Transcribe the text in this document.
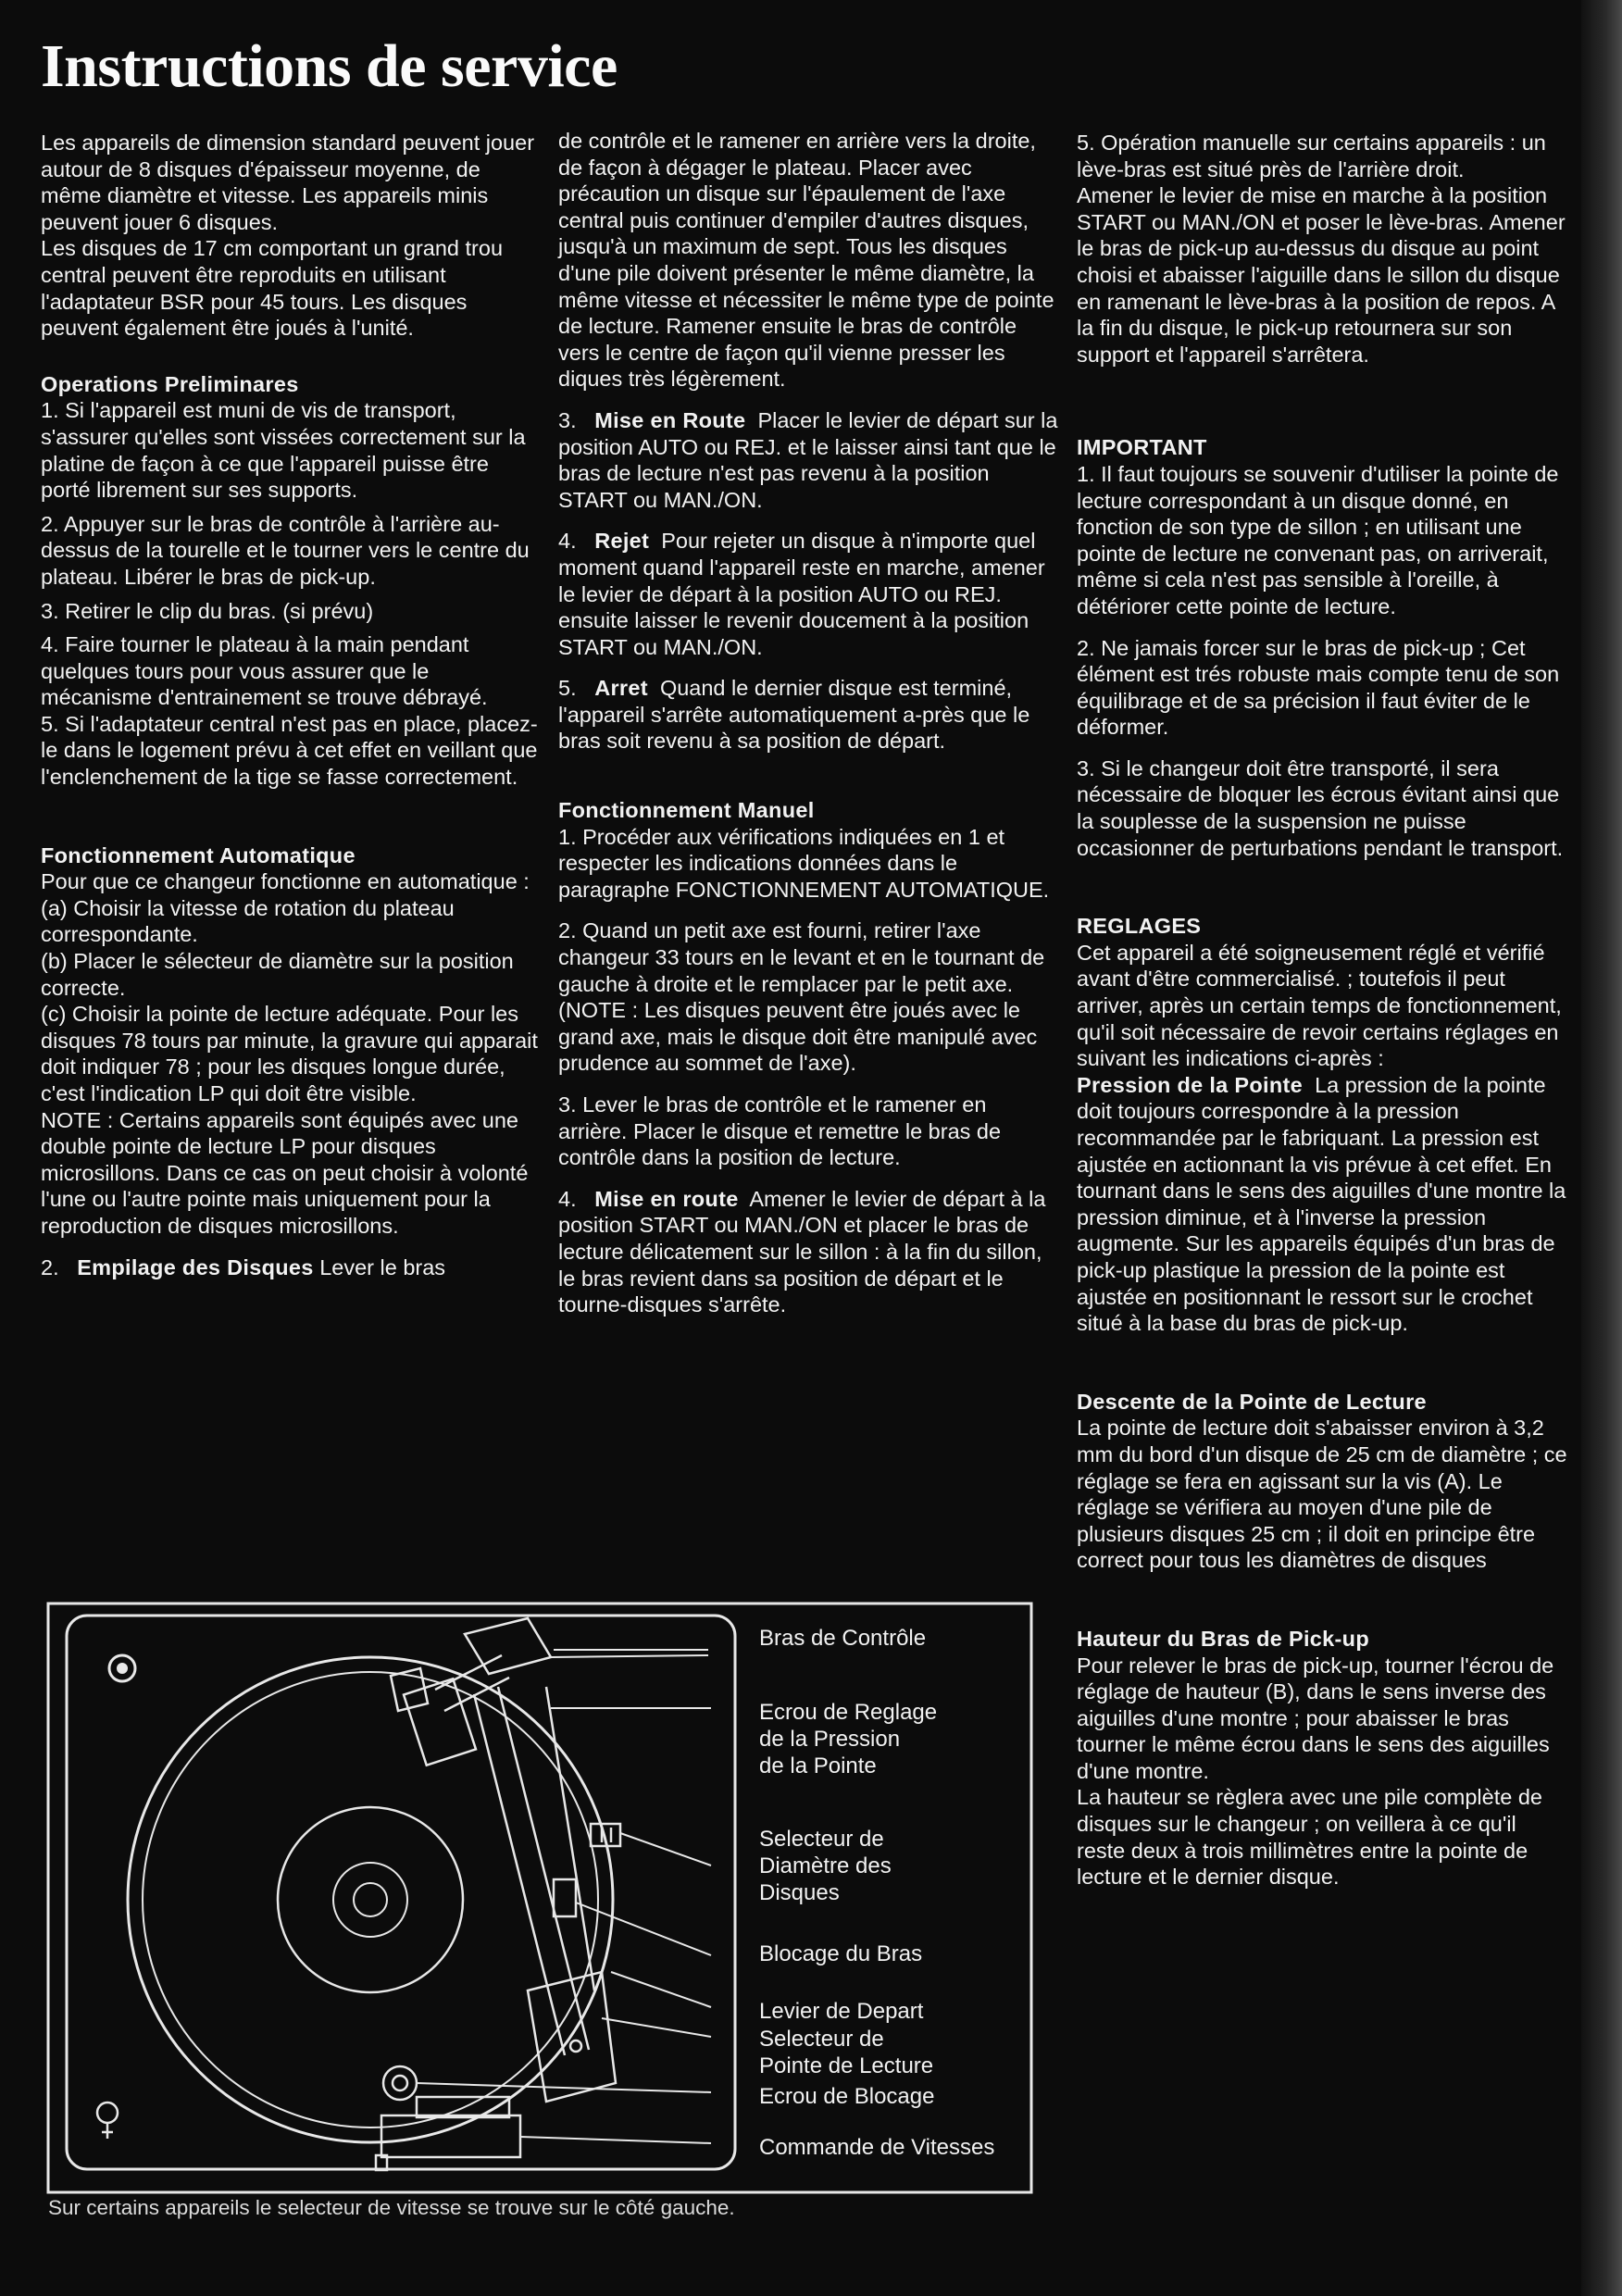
Instructions de service

Les appareils de dimension standard peuvent jouer autour de 8 disques d'épaisseur moyenne, de même diamètre et vitesse. Les appareils minis peuvent jouer 6 disques.

Les disques de 17 cm comportant un grand trou central peuvent être reproduits en utilisant l'adaptateur BSR pour 45 tours. Les disques peuvent également être joués à l'unité.

Operations Preliminares

1. Si l'appareil est muni de vis de transport, s'assurer qu'elles sont vissées correctement sur la platine de façon à ce que l'appareil puisse être porté librement sur ses supports.

2. Appuyer sur le bras de contrôle à l'arrière au-dessus de la tourelle et le tourner vers le centre du plateau. Libérer le bras de pick-up.

3. Retirer le clip du bras. (si prévu)

4. Faire tourner le plateau à la main pendant quelques tours pour vous assurer que le mécanisme d'entrainement se trouve débrayé.

5. Si l'adaptateur central n'est pas en place, placez-le dans le logement prévu à cet effet en veillant que l'enclenchement de la tige se fasse correctement.

Fonctionnement Automatique

Pour que ce changeur fonctionne en automatique :

(a) Choisir la vitesse de rotation du plateau correspondante.

(b) Placer le sélecteur de diamètre sur la position correcte.

(c) Choisir la pointe de lecture adéquate. Pour les disques 78 tours par minute, la gravure qui apparait doit indiquer 78 ; pour les disques longue durée, c'est l'indication LP qui doit être visible.

NOTE : Certains appareils sont équipés avec une double pointe de lecture LP pour disques microsillons. Dans ce cas on peut choisir à volonté l'une ou l'autre pointe mais uniquement pour la reproduction de disques microsillons.

2. Empilage des Disques Lever le bras

de contrôle et le ramener en arrière vers la droite, de façon à dégager le plateau. Placer avec précaution un disque sur l'épaulement de l'axe central puis continuer d'empiler d'autres disques, jusqu'à un maximum de sept. Tous les disques d'une pile doivent présenter le même diamètre, la même vitesse et nécessiter le même type de pointe de lecture. Ramener ensuite le bras de contrôle vers le centre de façon qu'il vienne presser les diques très légèrement.

3. Mise en Route Placer le levier de départ sur la position AUTO ou REJ. et le laisser ainsi tant que le bras de lecture n'est pas revenu à la position START ou MAN./ON.

4. Rejet Pour rejeter un disque à n'importe quel moment quand l'appareil reste en marche, amener le levier de départ à la position AUTO ou REJ. ensuite laisser le revenir doucement à la position START ou MAN./ON.

5. Arret Quand le dernier disque est terminé, l'appareil s'arrête automatiquement a-près que le bras soit revenu à sa position de départ.

Fonctionnement Manuel

1. Procéder aux vérifications indiquées en 1 et respecter les indications données dans le paragraphe FONCTIONNEMENT AUTOMATIQUE.

2. Quand un petit axe est fourni, retirer l'axe changeur 33 tours en le levant et en le tournant de gauche à droite et le remplacer par le petit axe. (NOTE : Les disques peuvent être joués avec le grand axe, mais le disque doit être manipulé avec prudence au sommet de l'axe).

3. Lever le bras de contrôle et le ramener en arrière. Placer le disque et remettre le bras de contrôle dans la position de lecture.

4. Mise en route Amener le levier de départ à la position START ou MAN./ON et placer le bras de lecture délicatement sur le sillon : à la fin du sillon, le bras revient dans sa position de départ et le tourne-disques s'arrête.

5. Opération manuelle sur certains appareils : un lève-bras est situé près de l'arrière droit.

Amener le levier de mise en marche à la position START ou MAN./ON et poser le lève-bras. Amener le bras de pick-up au-dessus du disque au point choisi et abaisser l'aiguille dans le sillon du disque en ramenant le lève-bras à la position de repos. A la fin du disque, le pick-up retournera sur son support et l'appareil s'arrêtera.

IMPORTANT

1. Il faut toujours se souvenir d'utiliser la pointe de lecture correspondant à un disque donné, en fonction de son type de sillon ; en utilisant une pointe de lecture ne convenant pas, on arriverait, même si cela n'est pas sensible à l'oreille, à détériorer cette pointe de lecture.

2. Ne jamais forcer sur le bras de pick-up ; Cet élément est trés robuste mais compte tenu de son équilibrage et de sa précision il faut éviter de le déformer.

3. Si le changeur doit être transporté, il sera nécessaire de bloquer les écrous évitant ainsi que la souplesse de la suspension ne puisse occasionner de perturbations pendant le transport.

REGLAGES

Cet appareil a été soigneusement réglé et vérifié avant d'être commercialisé. ; toutefois il peut arriver, après un certain temps de fonctionnement, qu'il soit nécessaire de revoir certains réglages en suivant les indications ci-après :

Pression de la Pointe La pression de la pointe doit toujours correspondre à la pression recommandée par le fabriquant. La pression est ajustée en actionnant la vis prévue à cet effet. En tournant dans le sens des aiguilles d'une montre la pression diminue, et à l'inverse la pression augmente. Sur les appareils équipés d'un bras de pick-up plastique la pression de la pointe est ajustée en positionnant le ressort sur le crochet situé à la base du bras de pick-up.

Descente de la Pointe de Lecture

La pointe de lecture doit s'abaisser environ à 3,2 mm du bord d'un disque de 25 cm de diamètre ; ce réglage se fera en agissant sur la vis (A). Le réglage se vérifiera au moyen d'une pile de plusieurs disques 25 cm ; il doit en principe être correct pour tous les diamètres de disques

Hauteur du Bras de Pick-up

Pour relever le bras de pick-up, tourner l'écrou de réglage de hauteur (B), dans le sens inverse des aiguilles d'une montre ; pour abaisser le bras tourner le même écrou dans le sens des aiguilles d'une montre.

La hauteur se règlera avec une pile complète de disques sur le changeur ; on veillera à ce qu'il reste deux à trois millimètres entre la pointe de lecture et le dernier disque.

Bras de Contrôle
Ecrou de Reglage
de la Pression
de la Pointe
Selecteur de
Diamètre des
Disques
Blocage du Bras
Levier de Depart
Selecteur de
Pointe de Lecture
Ecrou de Blocage
Commande de Vitesses
Sur certains appareils le selecteur de vitesse se trouve sur le côté gauche.
